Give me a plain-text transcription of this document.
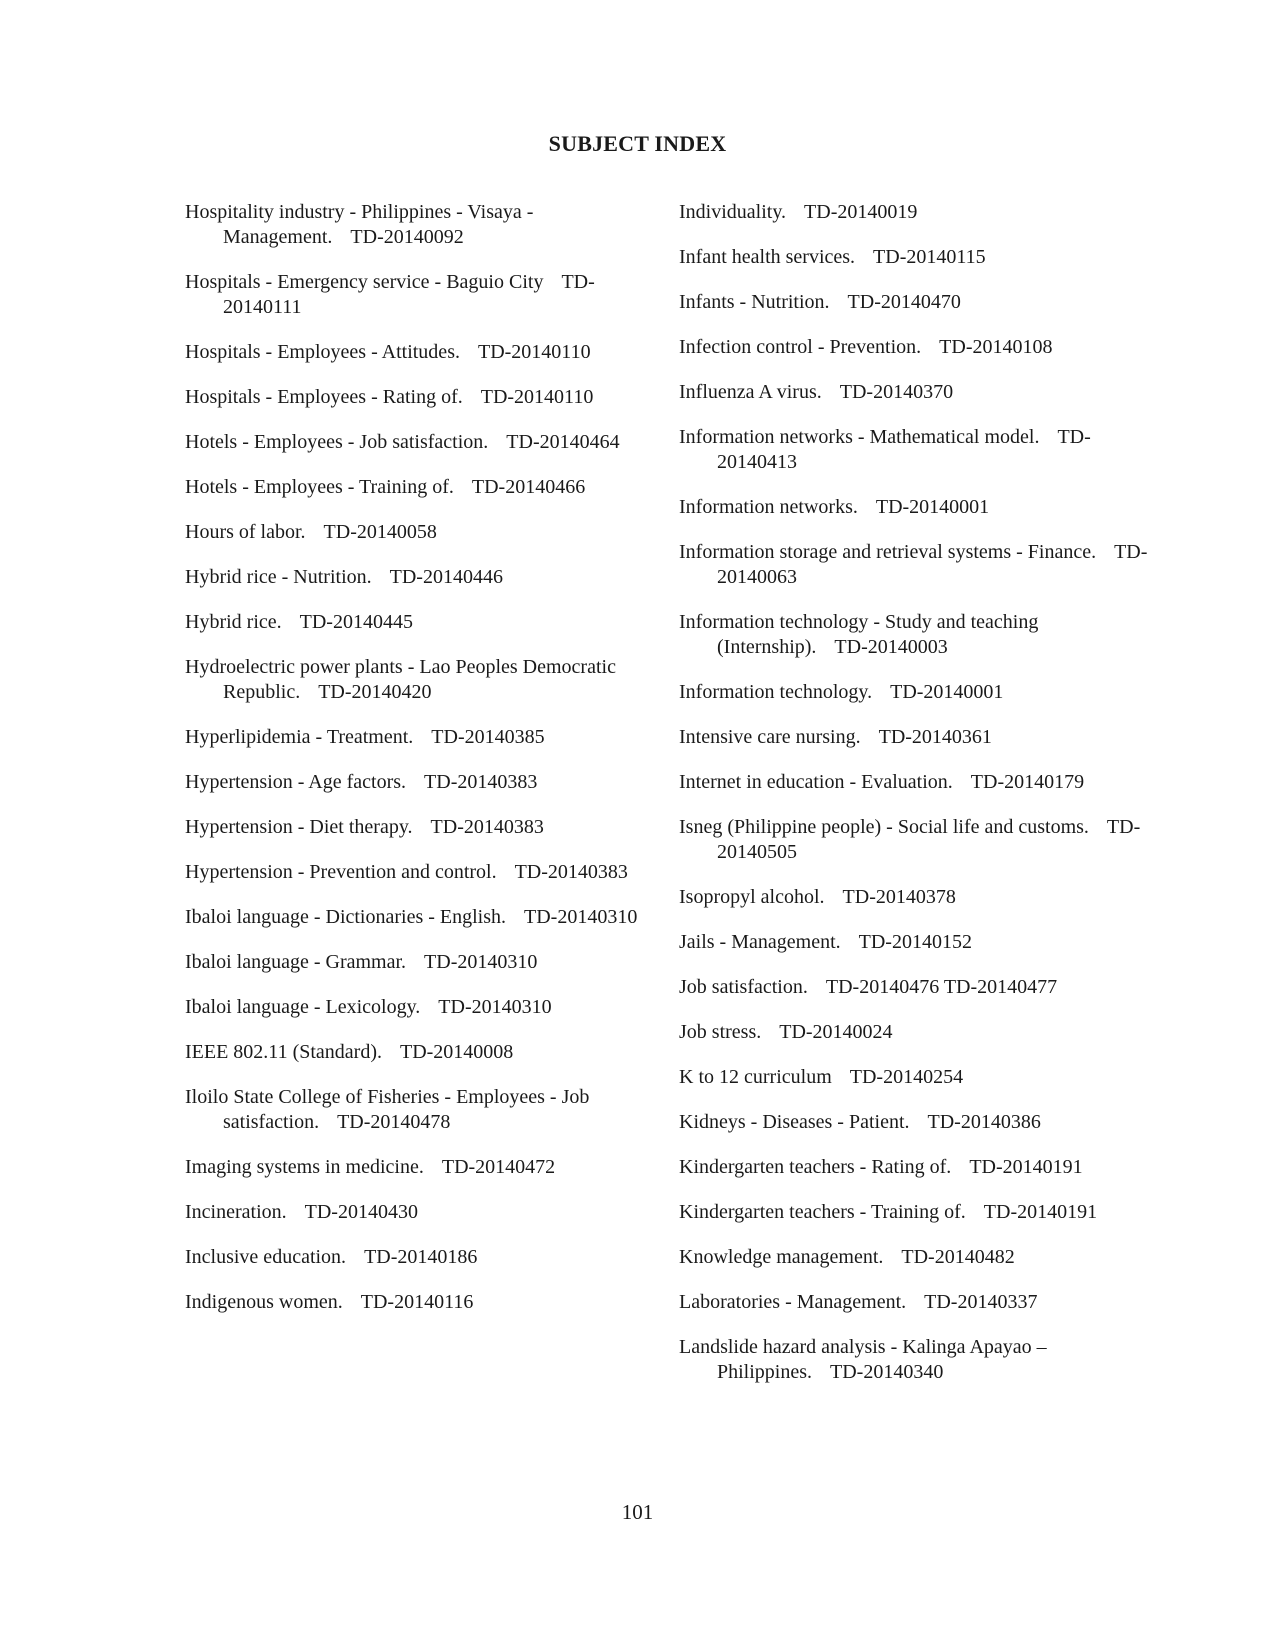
SUBJECT INDEX

Hospitality industry - Philippines - Visaya - Management. TD-20140092

Hospitals - Emergency service - Baguio City TD-20140111

Hospitals - Employees - Attitudes. TD-20140110

Hospitals - Employees - Rating of. TD-20140110

Hotels - Employees - Job satisfaction. TD-20140464

Hotels - Employees - Training of. TD-20140466

Hours of labor. TD-20140058

Hybrid rice - Nutrition. TD-20140446

Hybrid rice. TD-20140445

Hydroelectric power plants - Lao Peoples Democratic Republic. TD-20140420

Hyperlipidemia - Treatment. TD-20140385

Hypertension - Age factors. TD-20140383

Hypertension - Diet therapy. TD-20140383

Hypertension - Prevention and control. TD-20140383

Ibaloi language - Dictionaries - English. TD-20140310

Ibaloi language - Grammar. TD-20140310

Ibaloi language - Lexicology. TD-20140310

IEEE 802.11 (Standard). TD-20140008

Iloilo State College of Fisheries - Employees - Job satisfaction. TD-20140478

Imaging systems in medicine. TD-20140472

Incineration. TD-20140430

Inclusive education. TD-20140186

Indigenous women. TD-20140116

Individuality. TD-20140019

Infant health services. TD-20140115

Infants - Nutrition. TD-20140470

Infection control - Prevention. TD-20140108

Influenza A virus. TD-20140370

Information networks - Mathematical model. TD-20140413

Information networks. TD-20140001

Information storage and retrieval systems - Finance. TD-20140063

Information technology - Study and teaching (Internship). TD-20140003

Information technology. TD-20140001

Intensive care nursing. TD-20140361

Internet in education - Evaluation. TD-20140179

Isneg (Philippine people) - Social life and customs. TD-20140505

Isopropyl alcohol. TD-20140378

Jails - Management. TD-20140152

Job satisfaction. TD-20140476 TD-20140477

Job stress. TD-20140024

K to 12 curriculum TD-20140254

Kidneys - Diseases - Patient. TD-20140386

Kindergarten teachers - Rating of. TD-20140191

Kindergarten teachers - Training of. TD-20140191

Knowledge management. TD-20140482

Laboratories - Management. TD-20140337

Landslide hazard analysis - Kalinga Apayao – Philippines. TD-20140340

101
